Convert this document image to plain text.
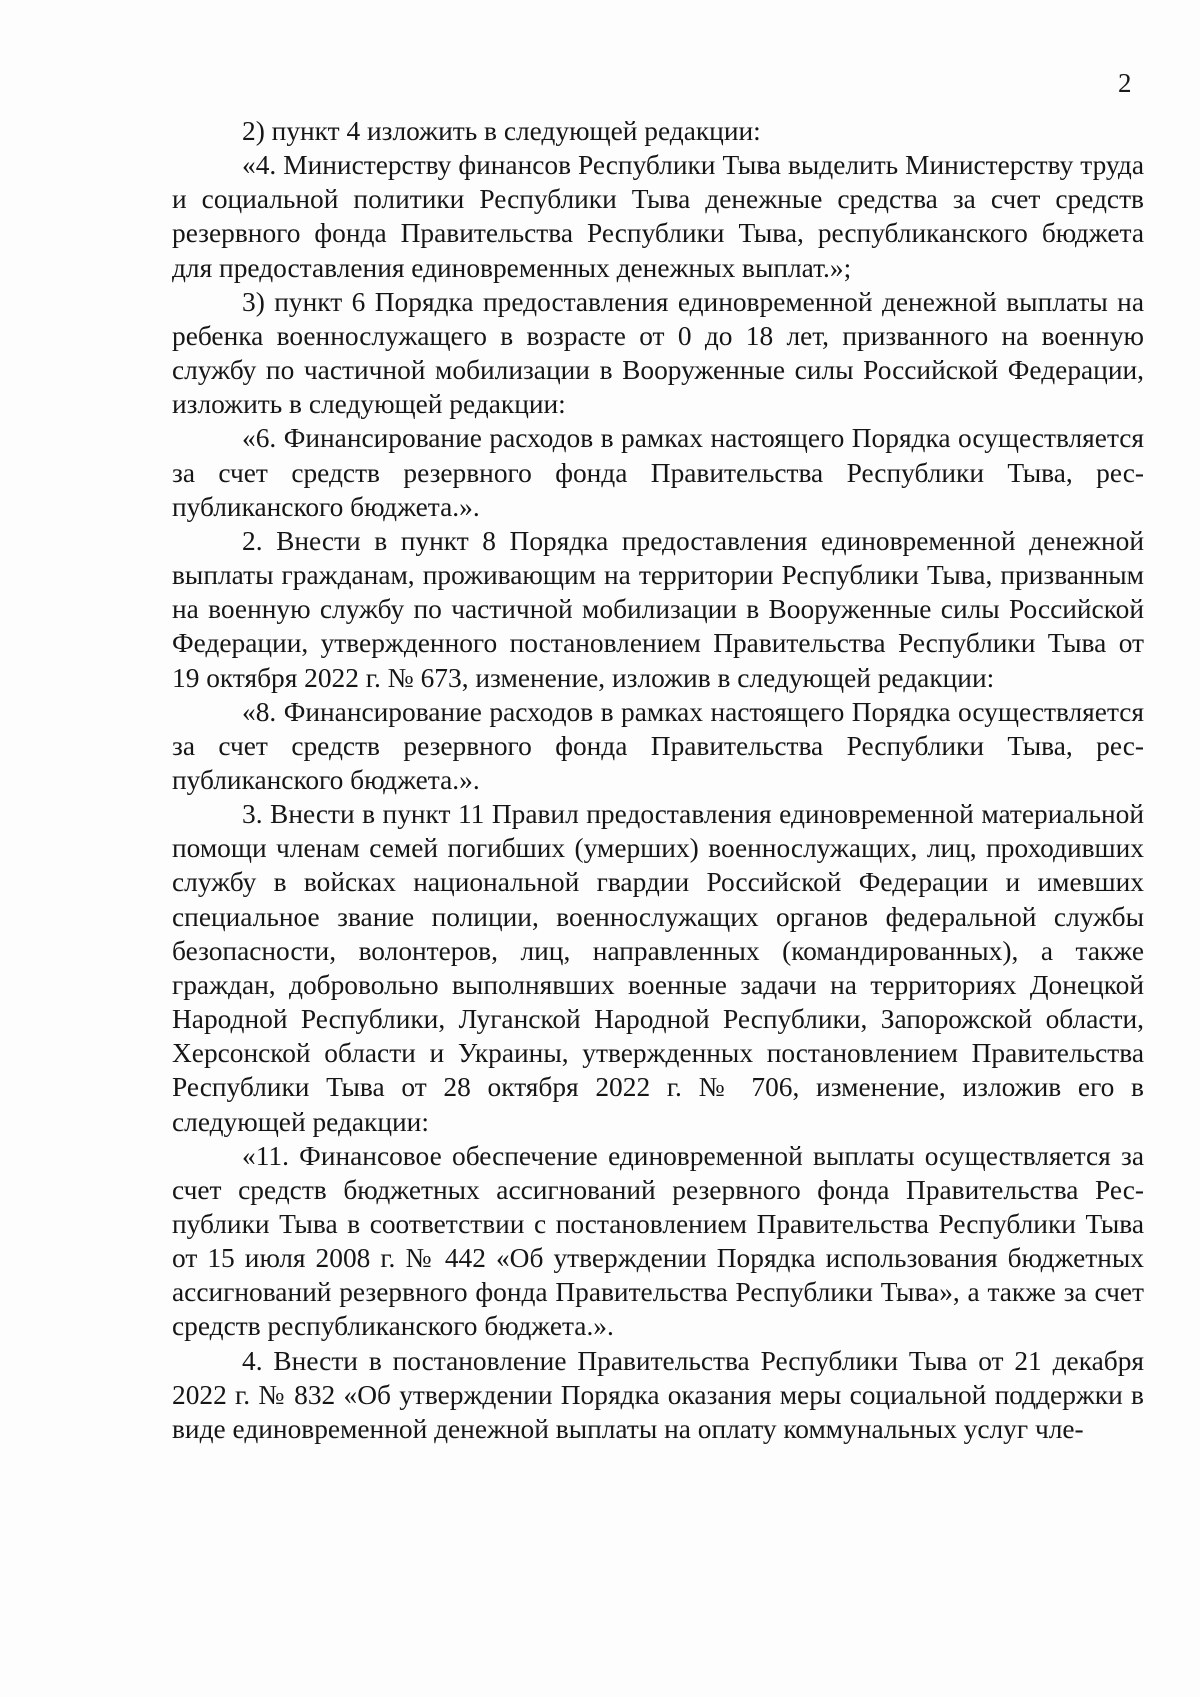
2

2) пункт 4 изложить в следующей редакции:

«4. Министерству финансов Республики Тыва выделить Министерству труда и социальной политики Республики Тыва денежные средства за счет средств резервного фонда Правительства Республики Тыва, республиканского бюджета для предоставления единовременных денежных выплат.»;

3) пункт 6 Порядка предоставления единовременной денежной выплаты на ребенка военнослужащего в возрасте от 0 до 18 лет, призванного на военную службу по частичной мобилизации в Вооруженные силы Российской Федерации, изложить в следующей редакции:

«6. Финансирование расходов в рамках настоящего Порядка осуществляется за счет средств резервного фонда Правительства Республики Тыва, республиканского бюджета.».

2. Внести в пункт 8 Порядка предоставления единовременной денежной выплаты гражданам, проживающим на территории Республики Тыва, призванным на военную службу по частичной мобилизации в Вооруженные силы Российской Федерации, утвержденного постановлением Правительства Республики Тыва от 19 октября 2022 г. № 673, изменение, изложив в следующей редакции:

«8. Финансирование расходов в рамках настоящего Порядка осуществляется за счет средств резервного фонда Правительства Республики Тыва, республиканского бюджета.».

3. Внести в пункт 11 Правил предоставления единовременной материальной помощи членам семей погибших (умерших) военнослужащих, лиц, проходивших службу в войсках национальной гвардии Российской Федерации и имевших специальное звание полиции, военнослужащих органов федеральной службы безопасности, волонтеров, лиц, направленных (командированных), а также граждан, добровольно выполнявших военные задачи на территориях Донецкой Народной Республики, Луганской Народной Республики, Запорожской области, Херсонской области и Украины, утвержденных постановлением Правительства Республики Тыва от 28 октября 2022 г. № 706, изменение, изложив его в следующей редакции:

«11. Финансовое обеспечение единовременной выплаты осуществляется за счет средств бюджетных ассигнований резервного фонда Правительства Республики Тыва в соответствии с постановлением Правительства Республики Тыва от 15 июля 2008 г. № 442 «Об утверждении Порядка использования бюджетных ассигнований резервного фонда Правительства Республики Тыва», а также за счет средств республиканского бюджета.».

4. Внести в постановление Правительства Республики Тыва от 21 декабря 2022 г. № 832 «Об утверждении Порядка оказания меры социальной поддержки в виде единовременной денежной выплаты на оплату коммунальных услуг чле-
